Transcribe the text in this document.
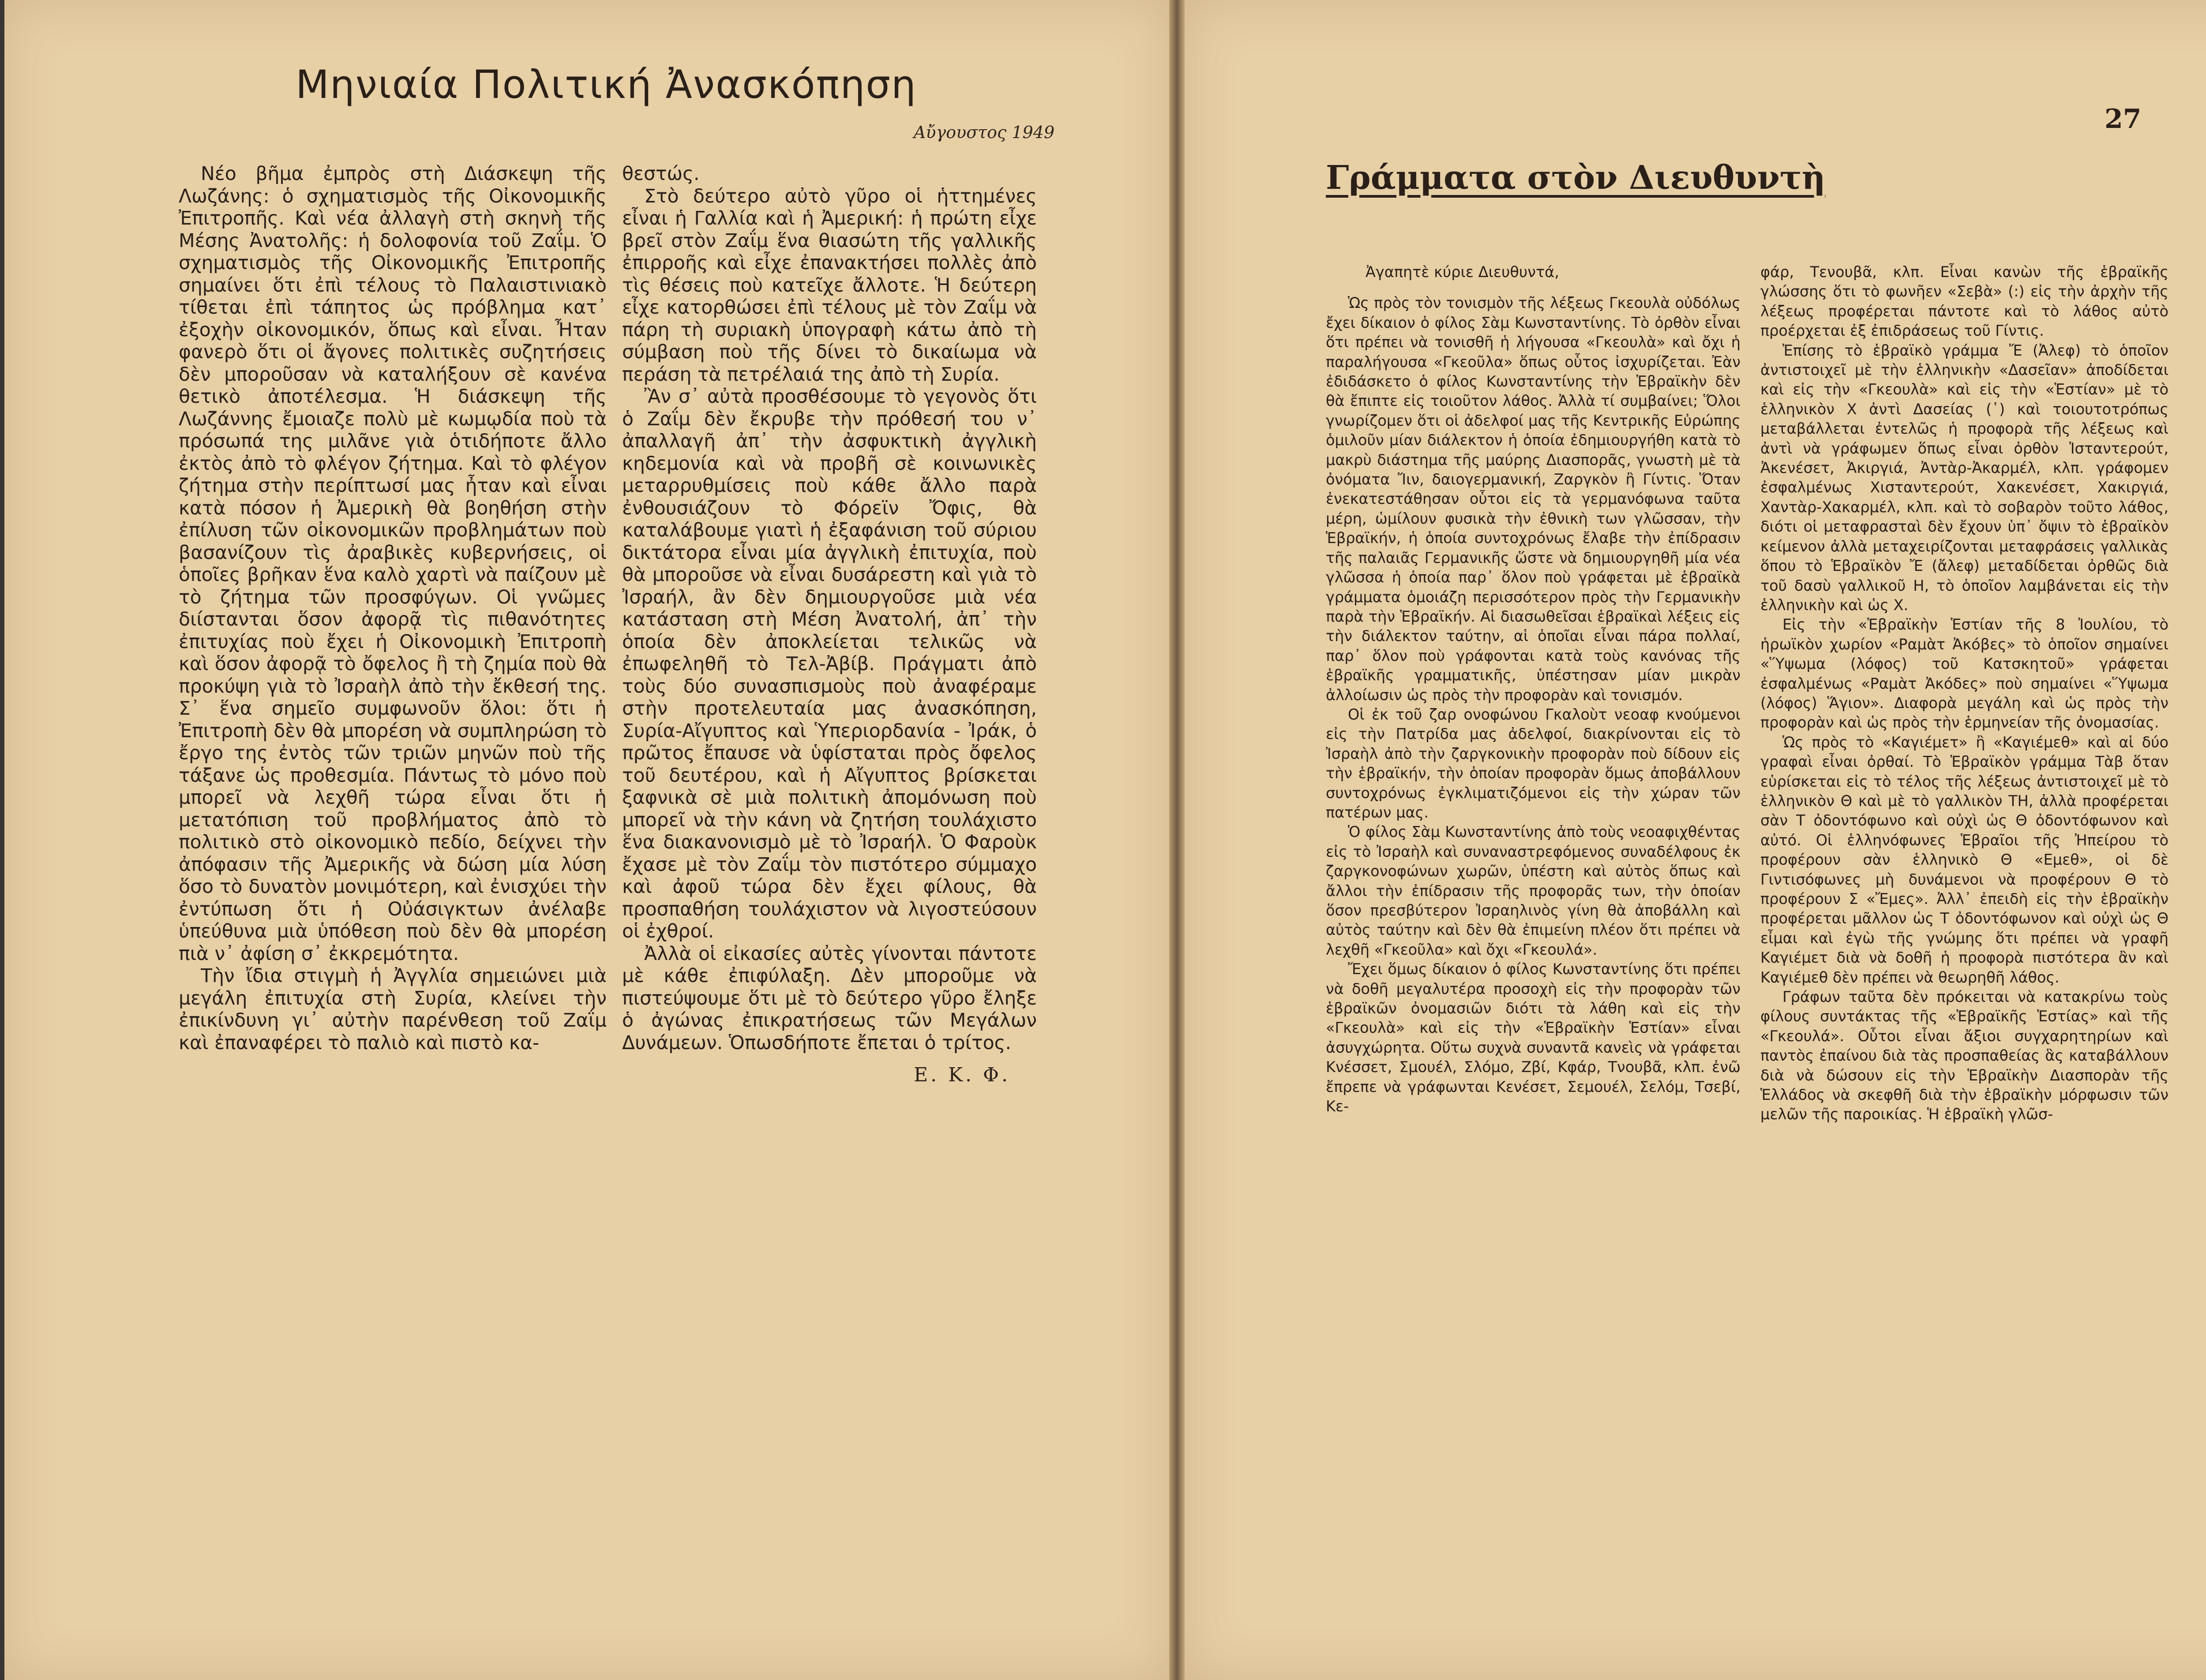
Μηνιαία Πολιτική Ἀνασκόπηση
Αὔγουστος 1949

Νέο βῆμα ἐμπρὸς στὴ Διάσκεψη τῆς Λωζάνης: ὁ σχηματισμὸς τῆς Οἰκονομικῆς Ἐπιτροπῆς. Καὶ νέα ἀλλαγὴ στὴ σκηνὴ τῆς Μέσης Ἀνατολῆς: ἡ δολοφονία τοῦ Ζαΐμ. Ὁ σχηματισμὸς τῆς Οἰκονομικῆς Ἐπιτροπῆς σημαίνει ὅτι ἐπὶ τέλους τὸ Παλαιστινιακὸ τίθεται ἐπὶ τάπητος ὡς πρόβλημα κατ᾽ ἐξοχὴν οἰκονομικόν, ὅπως καὶ εἶναι. Ἦταν φανερὸ ὅτι οἱ ἄγονες πολιτικὲς συζητήσεις δὲν μποροῦσαν νὰ καταλήξουν σὲ κανένα θετικὸ ἀποτέλεσμα. Ἡ διάσκεψη τῆς Λωζάννης ἔμοιαζε πολὺ μὲ κωμῳδία ποὺ τὰ πρόσωπά της μιλᾶνε γιὰ ὁτιδήποτε ἄλλο ἐκτὸς ἀπὸ τὸ φλέγον ζήτημα. Καὶ τὸ φλέγον ζήτημα στὴν περίπτωσί μας ἦταν καὶ εἶναι κατὰ πόσον ἡ Ἀμερικὴ θὰ βοηθήση στὴν ἐπίλυση τῶν οἰκονομικῶν προβλημάτων ποὺ βασανίζουν τὶς ἀραβικὲς κυβερνήσεις, οἱ ὁποῖες βρῆκαν ἕνα καλὸ χαρτὶ νὰ παίζουν μὲ τὸ ζήτημα τῶν προσφύγων. Οἱ γνῶμες διίστανται ὅσον ἀφορᾷ τὶς πιθανότητες ἐπιτυχίας ποὺ ἔχει ἡ Οἰκονομικὴ Ἐπιτροπὴ καὶ ὅσον ἀφορᾷ τὸ ὄφελος ἢ τὴ ζημία ποὺ θὰ προκύψη γιὰ τὸ Ἰσραὴλ ἀπὸ τὴν ἔκθεσή της. Σ᾽ ἕνα σημεῖο συμφωνοῦν ὅλοι: ὅτι ἡ Ἐπιτροπὴ δὲν θὰ μπορέση νὰ συμπληρώση τὸ ἔργο της ἐντὸς τῶν τριῶν μηνῶν ποὺ τῆς τάξανε ὡς προθεσμία. Πάντως τὸ μόνο ποὺ μπορεῖ νὰ λεχθῆ τώρα εἶναι ὅτι ἡ μετατόπιση τοῦ προβλήματος ἀπὸ τὸ πολιτικὸ στὸ οἰκονομικὸ πεδίο, δείχνει τὴν ἀπόφασιν τῆς Ἀμερικῆς νὰ δώση μία λύση ὅσο τὸ δυνατὸν μονιμότερη, καὶ ἐνισχύει τὴν ἐντύπωση ὅτι ἡ Οὐάσιγκτων ἀνέλαβε ὑπεύθυνα μιὰ ὑπόθεση ποὺ δὲν θὰ μπορέση πιὰ ν᾽ ἀφίση σ᾽ ἐκκρεμότητα.

Τὴν ἴδια στιγμὴ ἡ Ἀγγλία σημειώνει μιὰ μεγάλη ἐπιτυχία στὴ Συρία, κλείνει τὴν ἐπικίνδυνη γι᾽ αὐτὴν παρένθεση τοῦ Ζαΐμ καὶ ἐπαναφέρει τὸ παλιὸ καὶ πιστὸ κα-

θεστώς.

Στὸ δεύτερο αὐτὸ γῦρο οἱ ἡττημένες εἶναι ἡ Γαλλία καὶ ἡ Ἀμερική: ἡ πρώτη εἶχε βρεῖ στὸν Ζαΐμ ἕνα θιασώτη τῆς γαλλικῆς ἐπιρροῆς καὶ εἶχε ἐπανακτήσει πολλὲς ἀπὸ τὶς θέσεις ποὺ κατεῖχε ἄλλοτε. Ἡ δεύτερη εἶχε κατορθώσει ἐπὶ τέλους μὲ τὸν Ζαΐμ νὰ πάρη τὴ συριακὴ ὑπογραφὴ κάτω ἀπὸ τὴ σύμβαση ποὺ τῆς δίνει τὸ δικαίωμα νὰ περάση τὰ πετρέλαιά της ἀπὸ τὴ Συρία.

Ἂν σ᾽ αὐτὰ προσθέσουμε τὸ γεγονὸς ὅτι ὁ Ζαΐμ δὲν ἔκρυβε τὴν πρόθεσή του ν᾽ ἀπαλλαγῆ ἀπ᾽ τὴν ἀσφυκτικὴ ἀγγλικὴ κηδεμονία καὶ νὰ προβῆ σὲ κοινωνικὲς μεταρρυθμίσεις ποὺ κάθε ἄλλο παρὰ ἐνθουσιάζουν τὸ Φόρεϊν Ὄφις, θὰ καταλάβουμε γιατὶ ἡ ἐξαφάνιση τοῦ σύριου δικτάτορα εἶναι μία ἀγγλικὴ ἐπιτυχία, ποὺ θὰ μποροῦσε νὰ εἶναι δυσάρεστη καὶ γιὰ τὸ Ἰσραήλ, ἂν δὲν δημιουργοῦσε μιὰ νέα κατάσταση στὴ Μέση Ἀνατολή, ἀπ᾽ τὴν ὁποία δὲν ἀποκλείεται τελικῶς νὰ ἐπωφεληθῆ τὸ Τελ-Ἀβίβ. Πράγματι ἀπὸ τοὺς δύο συνασπισμοὺς ποὺ ἀναφέραμε στὴν προτελευταία μας ἀνασκόπηση, Συρία-Αἴγυπτος καὶ Ὑπεριορδανία - Ἰράκ, ὁ πρῶτος ἔπαυσε νὰ ὑφίσταται πρὸς ὄφελος τοῦ δευτέρου, καὶ ἡ Αἴγυπτος βρίσκεται ξαφνικὰ σὲ μιὰ πολιτικὴ ἀπομόνωση ποὺ μπορεῖ νὰ τὴν κάνη νὰ ζητήση τουλάχιστο ἕνα διακανονισμὸ μὲ τὸ Ἰσραήλ. Ὁ Φαροὺκ ἔχασε μὲ τὸν Ζαΐμ τὸν πιστότερο σύμμαχο καὶ ἀφοῦ τώρα δὲν ἔχει φίλους, θὰ προσπαθήση τουλάχιστον νὰ λιγοστεύσουν οἱ ἐχθροί.

Ἀλλὰ οἱ εἰκασίες αὐτὲς γίνονται πάντοτε μὲ κάθε ἐπιφύλαξη. Δὲν μποροῦμε νὰ πιστεύψουμε ὅτι μὲ τὸ δεύτερο γῦρο ἔληξε ὁ ἀγώνας ἐπικρατήσεως τῶν Μεγάλων Δυνάμεων. Ὁπωσδήποτε ἔπεται ὁ τρίτος.

Ε. Κ. Φ.
27
Γράμματα στὸν Διευθυντὴ

Ἀγαπητὲ κύριε Διευθυντά,

Ὡς πρὸς τὸν τονισμὸν τῆς λέξεως Γκεουλὰ οὐδόλως ἔχει δίκαιον ὁ φίλος Σὰμ Κωνσταντίνης. Τὸ ὀρθὸν εἶναι ὅτι πρέπει νὰ τονισθῆ ἡ λήγουσα «Γκεουλὰ» καὶ ὄχι ἡ παραλήγουσα «Γκεοῦλα» ὅπως οὗτος ἰσχυρίζεται. Ἐὰν ἐδιδάσκετο ὁ φίλος Κωνσταντίνης τὴν Ἑβραϊκὴν δὲν θὰ ἔπιπτε εἰς τοιοῦτον λάθος. Ἀλλὰ τί συμβαίνει; Ὅλοι γνωρίζομεν ὅτι οἱ ἀδελφοί μας τῆς Κεντρικῆς Εὐρώπης ὁμιλοῦν μίαν διάλεκτον ἡ ὁποία ἐδημιουργήθη κατὰ τὸ μακρὺ διάστημα τῆς μαύρης Διασπορᾶς, γνωστὴ μὲ τὰ ὀνόματα Ἴιν, δαιογερμανική, Ζαργκὸν ἢ Γίντις. Ὅταν ἐνεκατεστάθησαν οὗτοι εἰς τὰ γερμανόφωνα ταῦτα μέρη, ὡμίλουν φυσικὰ τὴν ἐθνικὴ των γλῶσσαν, τὴν Ἑβραϊκήν, ἡ ὁποία συντοχρόνως ἔλαβε τὴν ἐπίδρασιν τῆς παλαιᾶς Γερμανικῆς ὥστε νὰ δημιουργηθῆ μία νέα γλῶσσα ἡ ὁποία παρ᾽ ὅλον ποὺ γράφεται μὲ ἑβραϊκὰ γράμματα ὁμοιάζη περισσότερον πρὸς τὴν Γερμανικὴν παρὰ τὴν Ἑβραϊκήν. Αἱ διασωθεῖσαι ἑβραϊκαὶ λέξεις εἰς τὴν διάλεκτον ταύτην, αἱ ὁποῖαι εἶναι πάρα πολλαί, παρ᾽ ὅλον ποὺ γράφονται κατὰ τοὺς κανόνας τῆς ἑβραϊκῆς γραμματικῆς, ὑπέστησαν μίαν μικρὰν ἀλλοίωσιν ὡς πρὸς τὴν προφορὰν καὶ τονισμόν.

Οἱ ἐκ τοῦ ζαρ ονοφώνου Γκαλοὺτ νεοαφ κνούμενοι εἰς τὴν Πατρίδα μας ἀδελφοί, διακρίνονται εἰς τὸ Ἰσραὴλ ἀπὸ τὴν ζαργκονικὴν προφορὰν ποὺ δίδουν εἰς τὴν ἑβραϊκήν, τὴν ὁποίαν προφορὰν ὅμως ἀποβάλλουν συντοχρόνως ἐγκλιματιζόμενοι εἰς τὴν χώραν τῶν πατέρων μας.

Ὁ φίλος Σὰμ Κωνσταντίνης ἀπὸ τοὺς νεοαφιχθέντας εἰς τὸ Ἰσραὴλ καὶ συναναστρεφόμενος συναδέλφους ἐκ ζαργκονοφώνων χωρῶν, ὑπέστη καὶ αὐτὸς ὅπως καὶ ἄλλοι τὴν ἐπίδρασιν τῆς προφορᾶς των, τὴν ὁποίαν ὅσον πρεσβύτερον Ἰσραηλινὸς γίνη θὰ ἀποβάλλη καὶ αὐτὸς ταύτην καὶ δὲν θὰ ἐπιμείνη πλέον ὅτι πρέπει νὰ λεχθῆ «Γκεοῦλα» καὶ ὄχι «Γκεουλά».

Ἔχει ὅμως δίκαιον ὁ φίλος Κωνσταντίνης ὅτι πρέπει νὰ δοθῆ μεγαλυτέρα προσοχὴ εἰς τὴν προφορὰν τῶν ἑβραϊκῶν ὀνομασιῶν διότι τὰ λάθη καὶ εἰς τὴν «Γκεουλὰ» καὶ εἰς τὴν «Ἑβραϊκὴν Ἑστίαν» εἶναι ἀσυγχώρητα. Οὕτω συχνὰ συναντᾶ κανεὶς νὰ γράφεται Κνέσσετ, Σμουέλ, Σλόμο, Ζβί, Κφάρ, Τνουβᾶ, κλπ. ἐνῶ ἔπρεπε νὰ γράφωνται Κενέσετ, Σεμουέλ, Σελόμ, Τσεβί, Κε-

φάρ, Τενουβᾶ, κλπ. Εἶναι κανὼν τῆς ἑβραϊκῆς γλώσσης ὅτι τὸ φωνῆεν «Σεβὰ» (:) εἰς τὴν ἀρχὴν τῆς λέξεως προφέρεται πάντοτε καὶ τὸ λάθος αὐτὸ προέρχεται ἐξ ἐπιδράσεως τοῦ Γίντις.

Ἐπίσης τὸ ἑβραϊκὸ γράμμα Ἔ (Ἀλεφ) τὸ ὁποῖον ἀντιστοιχεῖ μὲ τὴν ἑλληνικὴν «Δασεῖαν» ἀποδίδεται καὶ εἰς τὴν «Γκεουλὰ» καὶ εἰς τὴν «Ἑστίαν» μὲ τὸ ἑλληνικὸν Χ ἀντὶ Δασείας (῾) καὶ τοιουτοτρόπως μεταβάλλεται ἐντελῶς ἡ προφορὰ τῆς λέξεως καὶ ἀντὶ νὰ γράφωμεν ὅπως εἶναι ὀρθὸν Ἰσταντερούτ, Ἀκενέσετ, Ἀκιργιά, Ἀντὰρ-Ἀκαρμέλ, κλπ. γράφομεν ἐσφαλμένως Χισταντερούτ, Χακενέσετ, Χακιργιά, Χαντὰρ-Χακαρμέλ, κλπ. καὶ τὸ σοβαρὸν τοῦτο λάθος, διότι οἱ μεταφρασταὶ δὲν ἔχουν ὑπ᾽ ὄψιν τὸ ἑβραϊκὸν κείμενον ἀλλὰ μεταχειρίζονται μεταφράσεις γαλλικὰς ὅπου τὸ Ἑβραϊκὸν Ἔ (ἄλεφ) μεταδίδεται ὀρθῶς διὰ τοῦ δασὺ γαλλικοῦ Η, τὸ ὁποῖον λαμβάνεται εἰς τὴν ἑλληνικὴν καὶ ὡς Χ.

Εἰς τὴν «Ἑβραϊκὴν Ἑστίαν τῆς 8 Ἰουλίου, τὸ ἡρωϊκὸν χωρίον «Ραμὰτ Ἀκόβες» τὸ ὁποῖον σημαίνει «Ὕψωμα (λόφος) τοῦ Κατσκητοῦ» γράφεται ἐσφαλμένως «Ραμὰτ Ἀκόδες» ποὺ σημαίνει «Ὕψωμα (λόφος) Ἅγιον». Διαφορὰ μεγάλη καὶ ὡς πρὸς τὴν προφορὰν καὶ ὡς πρὸς τὴν ἑρμηνείαν τῆς ὀνομασίας.

Ὡς πρὸς τὸ «Καγιέμετ» ἢ «Καγιέμεθ» καὶ αἱ δύο γραφαὶ εἶναι ὀρθαί. Τὸ Ἑβραϊκὸν γράμμα Τὰβ ὅταν εὑρίσκεται εἰς τὸ τέλος τῆς λέξεως ἀντιστοιχεῖ μὲ τὸ ἑλληνικὸν Θ καὶ μὲ τὸ γαλλικὸν ΤΗ, ἀλλὰ προφέρεται σὰν Τ ὀδοντόφωνο καὶ οὐχὶ ὡς Θ ὀδοντόφωνον καὶ αὐτό. Οἱ ἑλληνόφωνες Ἑβραῖοι τῆς Ἠπείρου τὸ προφέρουν σὰν ἑλληνικὸ Θ «Εμεθ», οἱ δὲ Γιντισόφωνες μὴ δυνάμενοι νὰ προφέρουν Θ τὸ προφέρουν Σ «Ἔμες». Ἀλλ᾽ ἐπειδὴ εἰς τὴν ἑβραϊκὴν προφέρεται μᾶλλον ὡς Τ ὀδοντόφωνον καὶ οὐχὶ ὡς Θ εἶμαι καὶ ἐγὼ τῆς γνώμης ὅτι πρέπει νὰ γραφῆ Καγιέμετ διὰ νὰ δοθῆ ἡ προφορὰ πιστότερα ἂν καὶ Καγιέμεθ δὲν πρέπει νὰ θεωρηθῆ λάθος.

Γράφων ταῦτα δὲν πρόκειται νὰ κατακρίνω τοὺς φίλους συντάκτας τῆς «Ἑβραϊκῆς Ἑστίας» καὶ τῆς «Γκεουλά». Οὗτοι εἶναι ἄξιοι συγχαρητηρίων καὶ παντὸς ἐπαίνου διὰ τὰς προσπαθείας ἃς καταβάλλουν διὰ νὰ δώσουν εἰς τὴν Ἑβραϊκὴν Διασπορὰν τῆς Ἑλλάδος νὰ σκεφθῆ διὰ τὴν ἑβραϊκὴν μόρφωσιν τῶν μελῶν τῆς παροικίας. Ἡ ἑβραϊκὴ γλῶσ-
